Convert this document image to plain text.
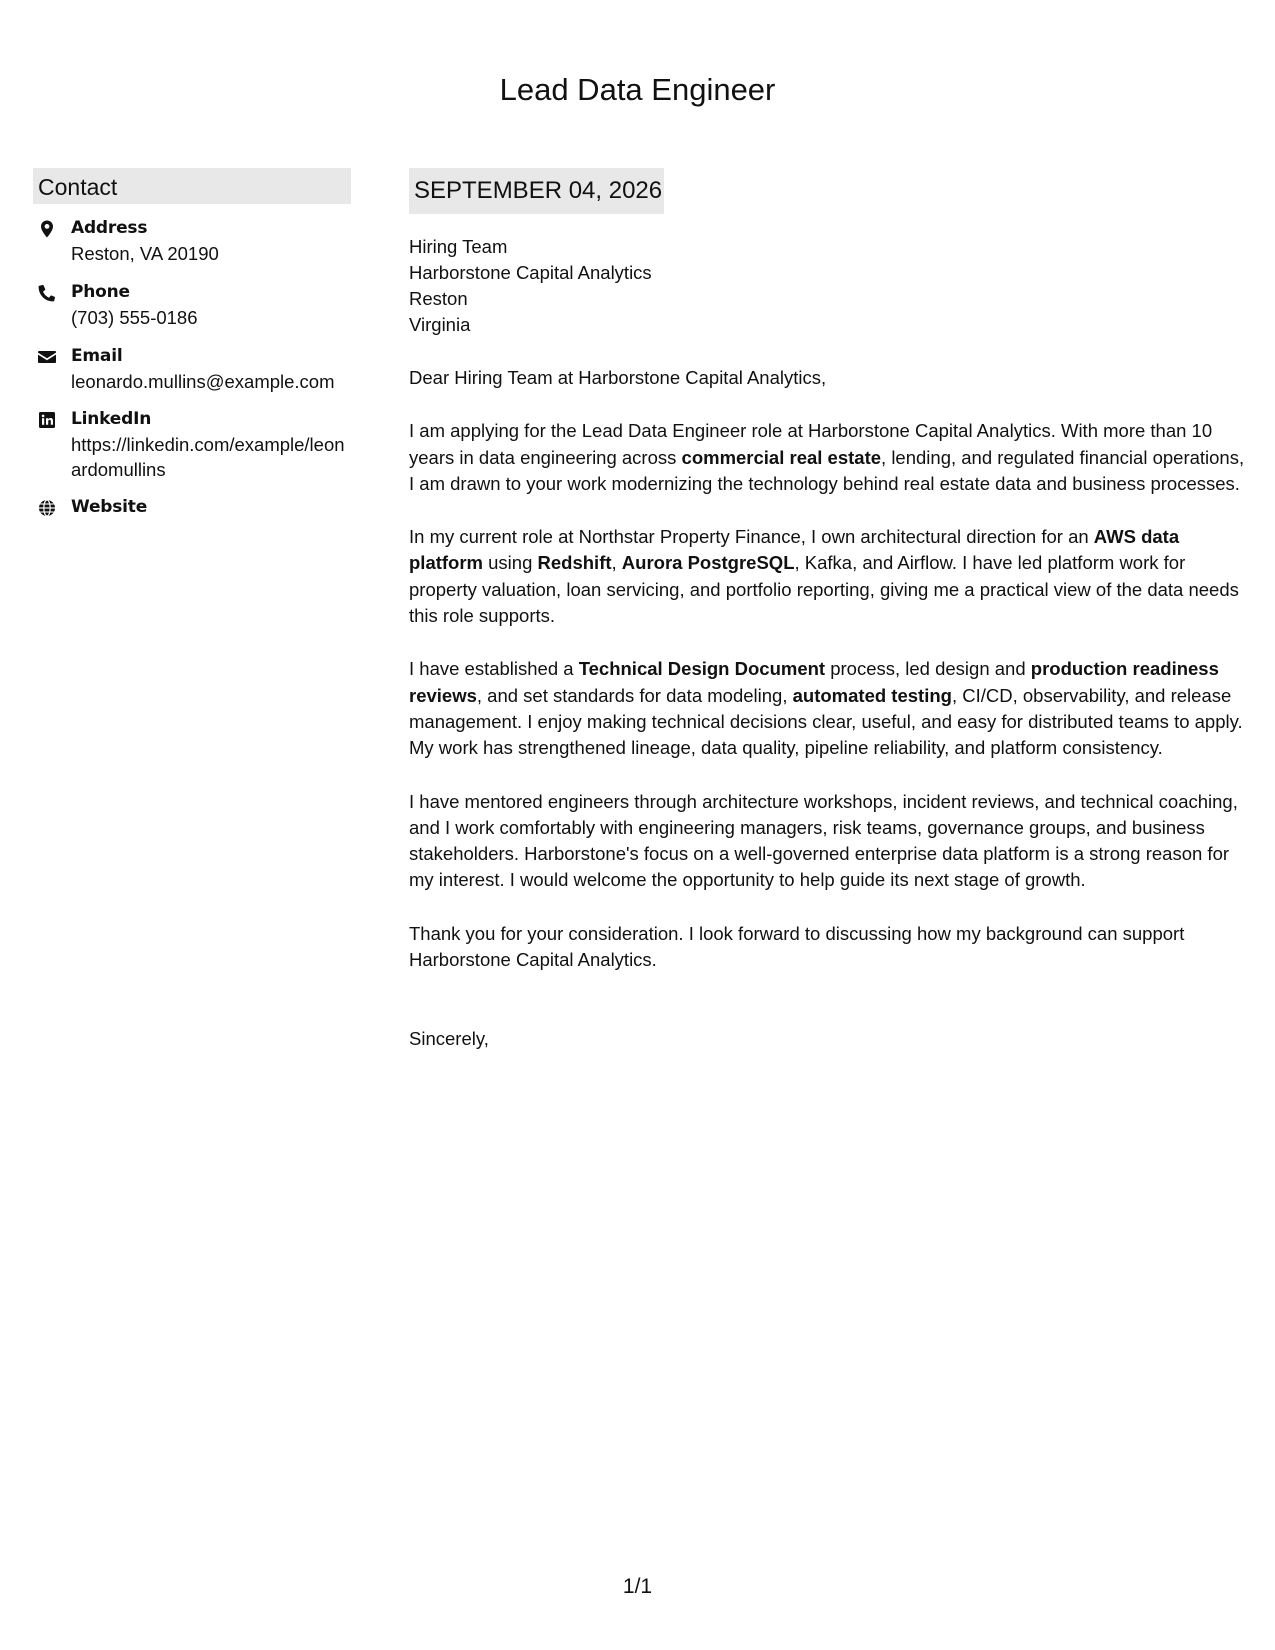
Lead Data Engineer
Contact
Address
Reston, VA 20190
Phone
(703) 555-0186
Email
leonardo.mullins@example.com
LinkedIn
https://linkedin.com/example/leonardomullins
Website
SEPTEMBER 04, 2026
Hiring Team
Harborstone Capital Analytics
Reston
Virginia

Dear Hiring Team at Harborstone Capital Analytics,

I am applying for the Lead Data Engineer role at Harborstone Capital Analytics. With more than 10 years in data engineering across commercial real estate, lending, and regulated financial operations, I am drawn to your work modernizing the technology behind real estate data and business processes.

In my current role at Northstar Property Finance, I own architectural direction for an AWS data platform using Redshift, Aurora PostgreSQL, Kafka, and Airflow. I have led platform work for property valuation, loan servicing, and portfolio reporting, giving me a practical view of the data needs this role supports.

I have established a Technical Design Document process, led design and production readiness reviews, and set standards for data modeling, automated testing, CI/CD, observability, and release management. I enjoy making technical decisions clear, useful, and easy for distributed teams to apply. My work has strengthened lineage, data quality, pipeline reliability, and platform consistency.

I have mentored engineers through architecture workshops, incident reviews, and technical coaching, and I work comfortably with engineering managers, risk teams, governance groups, and business stakeholders. Harborstone's focus on a well-governed enterprise data platform is a strong reason for my interest. I would welcome the opportunity to help guide its next stage of growth.

Thank you for your consideration. I look forward to discussing how my background can support Harborstone Capital Analytics.

Sincerely,

1/1
